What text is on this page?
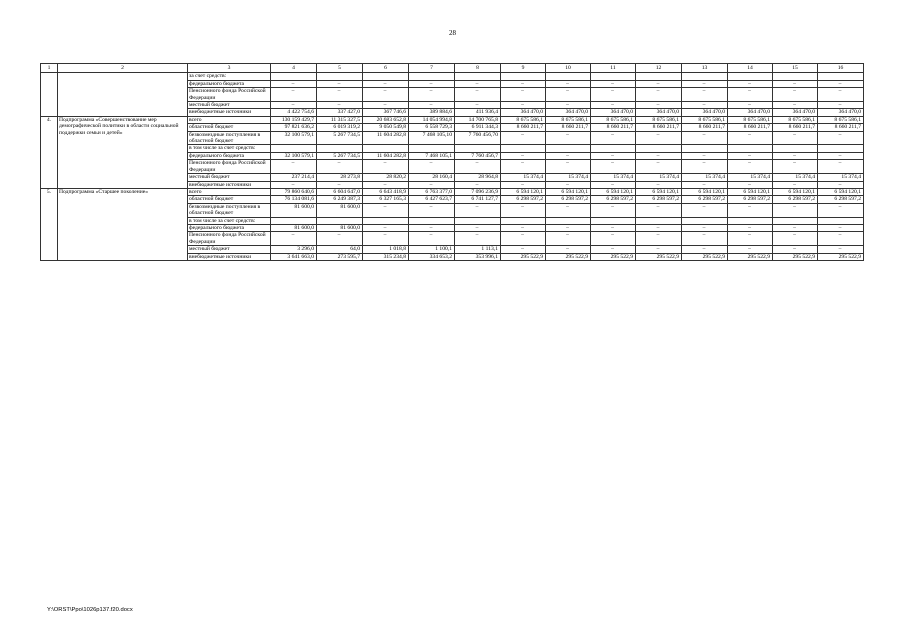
28
1	2	3	4	5	6	7	8	9	10	11	12	13	14	15	16
		за счет средств:													
		федерального бюджета	–	–	–	–	–	–	–	–	–	–	–	–	–
		Пенсионного фонда Российской Федерации	–	–	–	–	–	–	–	–	–	–	–	–	–
		местный бюджет	–	–	–	–	–	–	–	–	–	–	–	–	–
		внебюджетные источники	4 422 754,6	337 427,0	367 746,6	389 884,6	411 936,4	364 470,0	364 470,0	364 470,0	364 470,0	364 470,0	364 470,0	364 470,0	364 470,0
4.	Подпрограмма «Совершенствование мер демографической политики в области социальной поддержки семьи и детей»	всего	130 159 429,7	11 315 327,5	20 683 652,8	14 054 994,8	14 700 765,8	8 675 586,1	8 675 586,1	8 675 586,1	8 675 586,1	8 675 586,1	8 675 586,1	8 675 586,1	8 675 586,1
		областной бюджет	97 821 636,2	6 019 319,2	9 050 549,8	6 558 729,3	6 911 344,3	8 660 211,7	8 660 211,7	8 660 211,7	8 660 211,7	8 660 211,7	8 660 211,7	8 660 211,7	8 660 211,7
		безвозмездные поступления в областной бюджет	32 100 579,1	5 267 734,5	11 604 282,8	7 468 105,10	7 760 456,70	–	–	–	–	–	–	–	–
		в том числе за счет средств:													
		федерального бюджета	32 100 579,1	5 267 734,5	11 604 282,8	7 468 105,1	7 760 456,7	–	–	–	–	–	–	–	–
		Пенсионного фонда Российской Федерации	–	–	–	–	–	–	–	–	–	–	–	–	–
		местный бюджет	237 214,4	28 273,8	28 820,2	28 160,4	28 964,8	15 374,4	15 374,4	15 374,4	15 374,4	15 374,4	15 374,4	15 374,4	15 374,4
		внебюджетные источники	–	–	–	–	–	–	–	–	–	–	–	–	–
5.	Подпрограмма «Старшее поколение»	всего	79 860 640,6	6 604 647,0	6 643 418,9	6 763 377,0	7 096 236,9	6 594 120,1	6 594 120,1	6 594 120,1	6 594 120,1	6 594 120,1	6 594 120,1	6 594 120,1	6 594 120,1
		областной бюджет	76 134 081,6	6 249 387,3	6 327 165,3	6 427 623,7	6 741 127,7	6 298 597,2	6 298 597,2	6 298 597,2	6 298 597,2	6 298 597,2	6 298 597,2	6 298 597,2	6 298 597,2
		безвозмездные поступления в областной бюджет	81 600,0	81 600,0	–	–	–	–	–	–	–	–	–	–	–
		в том числе за счет средств:													
		федерального бюджета	81 600,0	81 600,0	–	–	–	–	–	–	–	–	–	–	–
		Пенсионного фонда Российской Федерации	–	–	–	–	–	–	–	–	–	–	–	–	–
		местный бюджет	3 296,0	64,0	1 018,8	1 100,1	1 113,1	–	–	–	–	–	–	–	–
		внебюджетные источники	3 641 663,0	273 595,7	315 234,8	334 653,2	353 996,1	295 522,9	295 522,9	295 522,9	295 522,9	295 522,9	295 522,9	295 522,9	295 522,9
Y:\ORST\Ppo\1026p137.f20.docx
